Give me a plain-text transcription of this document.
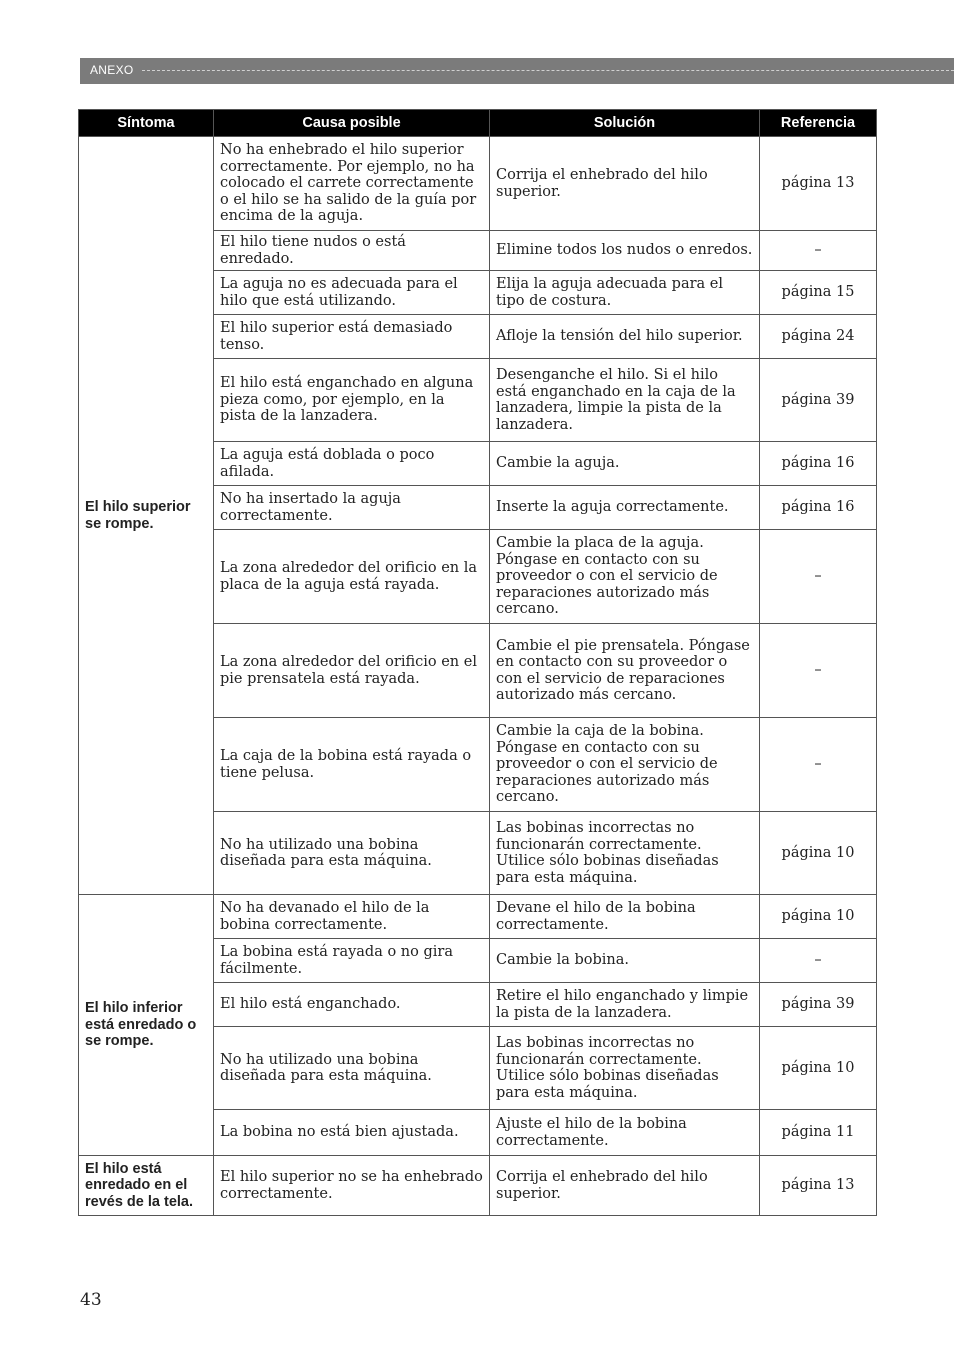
ANEXO
Síntoma	Causa posible	Solución	Referencia
El hilo superior se rompe.	No ha enhebrado el hilo superior correctamente. Por ejemplo, no ha colocado el carrete correctamente o el hilo se ha salido de la guía por encima de la aguja.	Corrija el enhebrado del hilo superior.	página 13
	El hilo tiene nudos o está enredado.	Elimine todos los nudos o enredos.	–
	La aguja no es adecuada para el hilo que está utilizando.	Elija la aguja adecuada para el tipo de costura.	página 15
	El hilo superior está demasiado tenso.	Afloje la tensión del hilo superior.	página 24
	El hilo está enganchado en alguna pieza como, por ejemplo, en la pista de la lanzadera.	Desenganche el hilo. Si el hilo está enganchado en la caja de la lanzadera, limpie la pista de la lanzadera.	página 39
	La aguja está doblada o poco afilada.	Cambie la aguja.	página 16
	No ha insertado la aguja correctamente.	Inserte la aguja correctamente.	página 16
	La zona alrededor del orificio en la placa de la aguja está rayada.	Cambie la placa de la aguja. Póngase en contacto con su proveedor o con el servicio de reparaciones autorizado más cercano.	–
	La zona alrededor del orificio en el pie prensatela está rayada.	Cambie el pie prensatela. Póngase en contacto con su proveedor o con el servicio de reparaciones autorizado más cercano.	–
	La caja de la bobina está rayada o tiene pelusa.	Cambie la caja de la bobina. Póngase en contacto con su proveedor o con el servicio de reparaciones autorizado más cercano.	–
	No ha utilizado una bobina diseñada para esta máquina.	Las bobinas incorrectas no funcionarán correctamente. Utilice sólo bobinas diseñadas para esta máquina.	página 10
El hilo inferior está enredado o se rompe.	No ha devanado el hilo de la bobina correctamente.	Devane el hilo de la bobina correctamente.	página 10
	La bobina está rayada o no gira fácilmente.	Cambie la bobina.	–
	El hilo está enganchado.	Retire el hilo enganchado y limpie la pista de la lanzadera.	página 39
	No ha utilizado una bobina diseñada para esta máquina.	Las bobinas incorrectas no funcionarán correctamente. Utilice sólo bobinas diseñadas para esta máquina.	página 10
	La bobina no está bien ajustada.	Ajuste el hilo de la bobina correctamente.	página 11
El hilo está enredado en el revés de la tela.	El hilo superior no se ha enhebrado correctamente.	Corrija el enhebrado del hilo superior.	página 13
43
